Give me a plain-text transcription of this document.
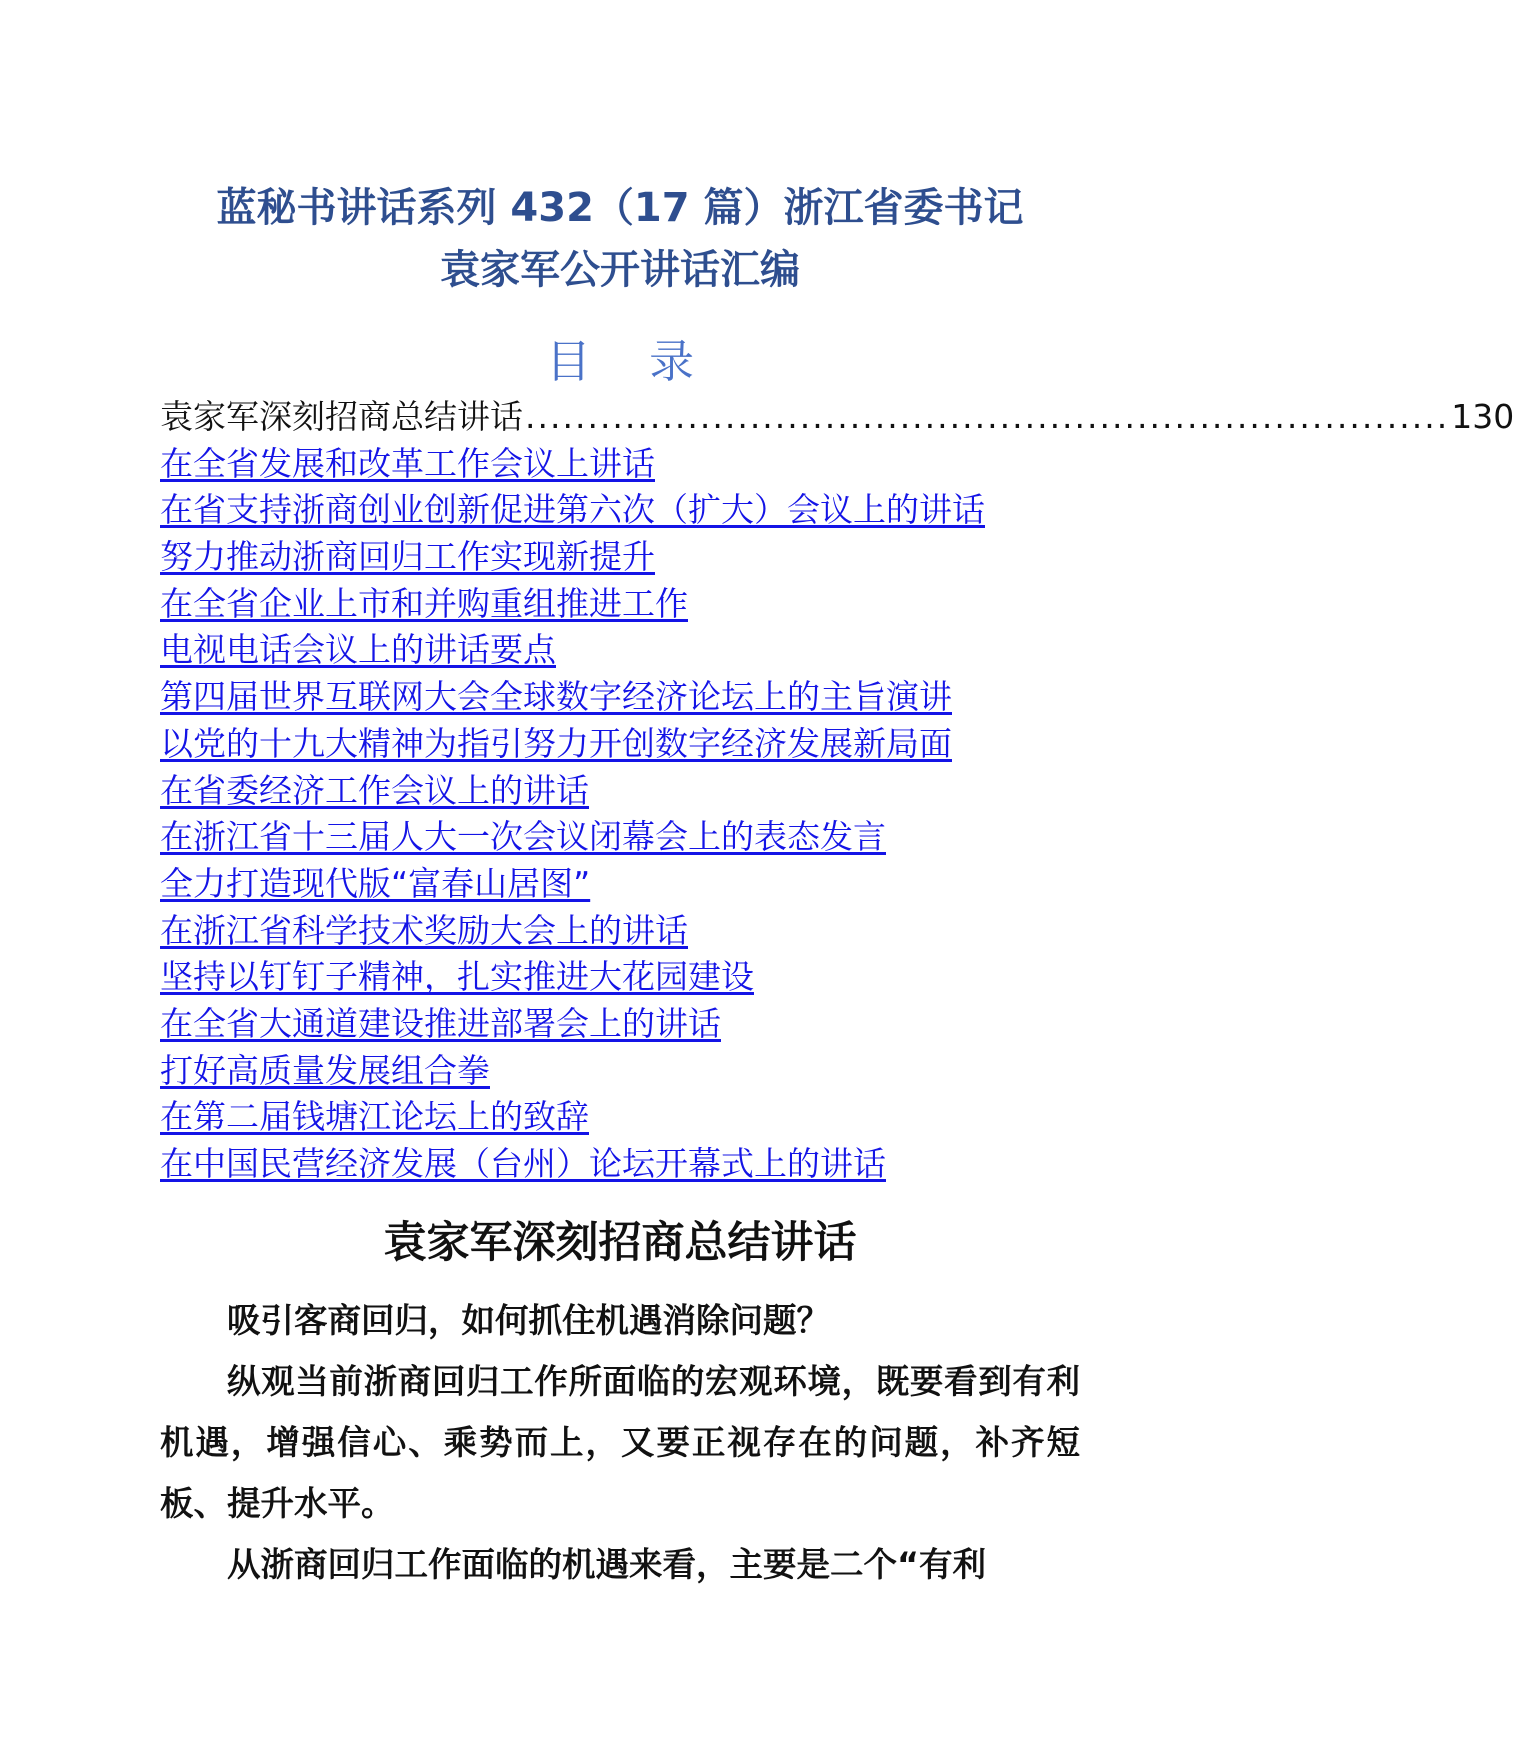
蓝秘书讲话系列 432（17 篇）浙江省委书记
袁家军公开讲话汇编
目 录
袁家军深刻招商总结讲话 .......................................................................... 130
在全省发展和改革工作会议上讲话
在省支持浙商创业创新促进第六次（扩大）会议上的讲话
努力推动浙商回归工作实现新提升
在全省企业上市和并购重组推进工作
电视电话会议上的讲话要点
第四届世界互联网大会全球数字经济论坛上的主旨演讲
以党的十九大精神为指引努力开创数字经济发展新局面
在省委经济工作会议上的讲话
在浙江省十三届人大一次会议闭幕会上的表态发言
全力打造现代版“富春山居图”
在浙江省科学技术奖励大会上的讲话
坚持以钉钉子精神，扎实推进大花园建设
在全省大通道建设推进部署会上的讲话
打好高质量发展组合拳
在第二届钱塘江论坛上的致辞
在中国民营经济发展（台州）论坛开幕式上的讲话
袁家军深刻招商总结讲话

吸引客商回归，如何抓住机遇消除问题？

纵观当前浙商回归工作所面临的宏观环境，既要看到有利机遇，增强信心、乘势而上，又要正视存在的问题，补齐短板、提升水平。

从浙商回归工作面临的机遇来看，主要是二个“有利
